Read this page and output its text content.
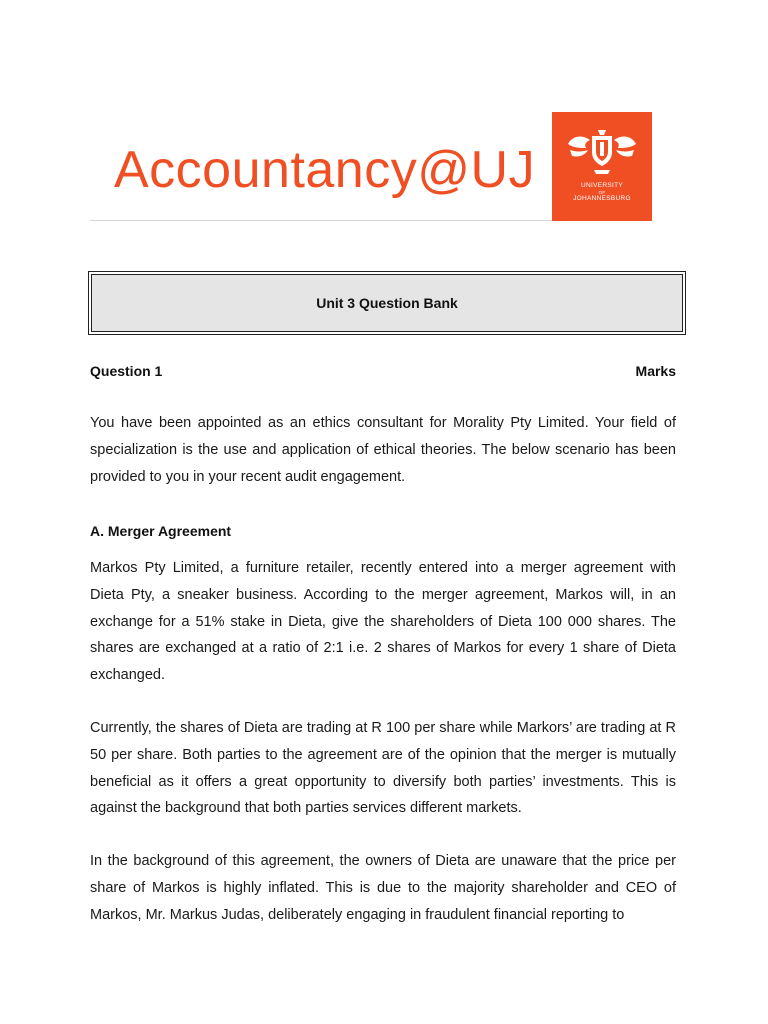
Accountancy@UJ	UNIVERSITY
OF
JOHANNESBURG
Unit 3 Question Bank
Question 1	Marks
You have been appointed as an ethics consultant for Morality Pty Limited. Your field of specialization is the use and application of ethical theories. The below scenario has been provided to you in your recent audit engagement.
A. Merger Agreement
Markos Pty Limited, a furniture retailer, recently entered into a merger agreement with Dieta Pty, a sneaker business. According to the merger agreement, Markos will, in an exchange for a 51% stake in Dieta, give the shareholders of Dieta 100 000 shares. The shares are exchanged at a ratio of 2:1 i.e. 2 shares of Markos for every 1 share of Dieta exchanged.
Currently, the shares of Dieta are trading at R 100 per share while Markors’ are trading at R 50 per share. Both parties to the agreement are of the opinion that the merger is mutually beneficial as it offers a great opportunity to diversify both parties’ investments. This is against the background that both parties services different markets.
In the background of this agreement, the owners of Dieta are unaware that the price per share of Markos is highly inflated. This is due to the majority shareholder and CEO of Markos, Mr. Markus Judas, deliberately engaging in fraudulent financial reporting to
